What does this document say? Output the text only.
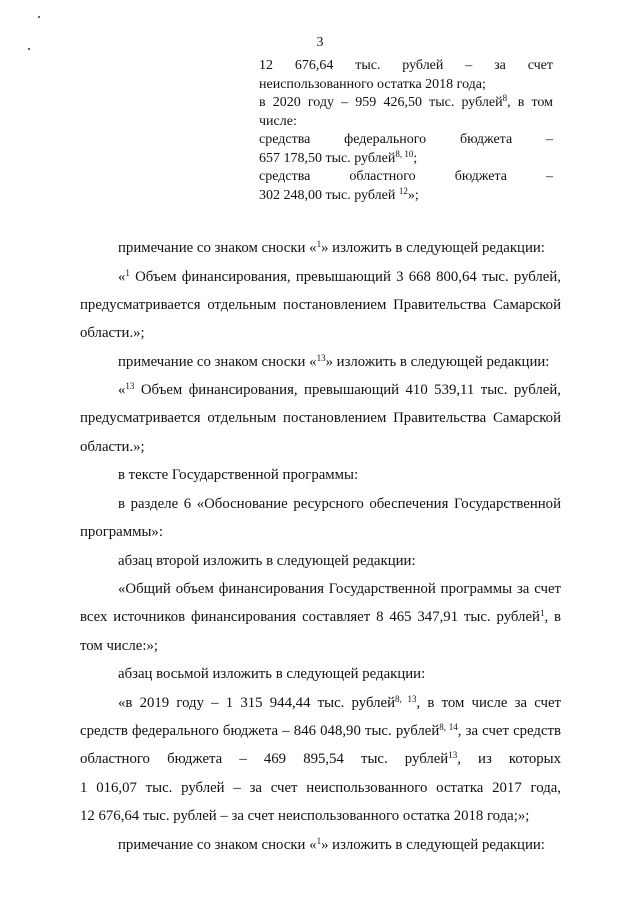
3
12 676,64 тыс. рублей – за счет
неиспользованного остатка 2018 года;
в 2020 году – 959 426,50 тыс. рублей$^8$, в том
числе:
средства федерального бюджета –
657 178,50 тыс. рублей$^{8, 10}$;
средства областного бюджета –
302 248,00 тыс. рублей $^{12}$»;
примечание со знаком сноски «$^1$» изложить в следующей редакции:
«$^1$ Объем финансирования, превышающий 3 668 800,64 тыс. рублей,
предусматривается отдельным постановлением Правительства Самарской
области.»;
примечание со знаком сноски «$^{13}$» изложить в следующей редакции:
«$^{13}$ Объем финансирования, превышающий 410 539,11 тыс. рублей,
предусматривается отдельным постановлением Правительства Самарской
области.»;
в тексте Государственной программы:
в разделе 6 «Обоснование ресурсного обеспечения Государственной
программы»:
абзац второй изложить в следующей редакции:
«Общий объем финансирования Государственной программы за счет
всех источников финансирования составляет 8 465 347,91 тыс. рублей$^1$, в
том числе:»;
абзац восьмой изложить в следующей редакции:
«в 2019 году – 1 315 944,44 тыс. рублей$^{8, 13}$, в том числе за счет
средств федерального бюджета – 846 048,90 тыс. рублей$^{8, 14}$, за счет средств
областного бюджета – 469 895,54 тыс. рублей$^{13}$, из которых
1 016,07 тыс. рублей – за счет неиспользованного остатка 2017 года,
12 676,64 тыс. рублей – за счет неиспользованного остатка 2018 года;»;
примечание со знаком сноски «$^1$» изложить в следующей редакции:
